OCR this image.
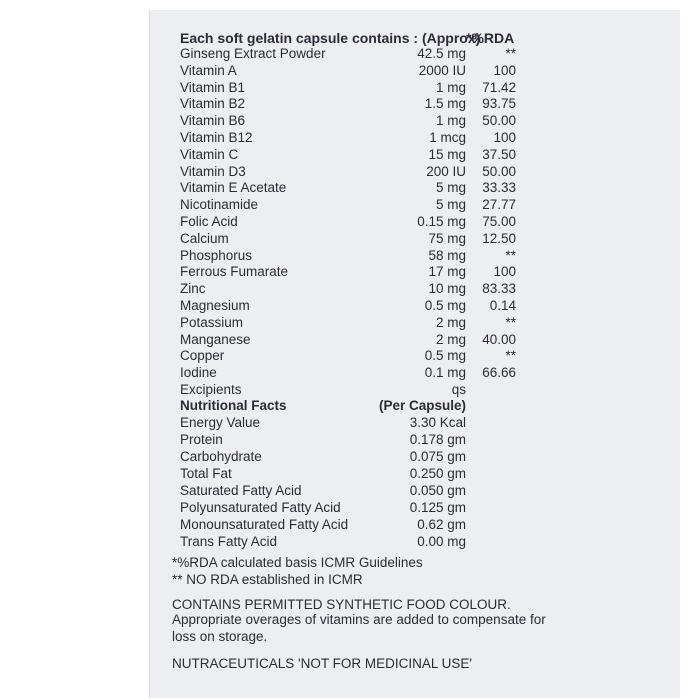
Each soft gelatin capsule contains : (Approx)
*%RDA
Ginseng Extract Powder	42.5 mg	**
Vitamin A	2000 IU 100
Vitamin B1	1 mg 71.42
Vitamin B2	1.5 mg 93.75
Vitamin B6	1 mg 50.00
Vitamin B12	1 mcg 100
Vitamin C	15 mg 37.50
Vitamin D3	200 IU 50.00
Vitamin E Acetate	5 mg 33.33
Nicotinamide	5 mg 27.77
Folic Acid	0.15 mg 75.00
Calcium	75 mg 12.50
Phosphorus	58 mg	**
Ferrous Fumarate	17 mg 100
Zinc	10 mg 83.33
Magnesium	0.5 mg 0.14
Potassium	2 mg	**
Manganese	2 mg 40.00
Copper	0.5 mg	**
Iodine	0.1 mg 66.66
Excipients	qs
Nutritional Facts	(Per Capsule)
Energy Value	3.30 Kcal
Protein	0.178 gm
Carbohydrate	0.075 gm
Total Fat	0.250 gm
Saturated Fatty Acid	0.050 gm
Polyunsaturated Fatty Acid	0.125 gm
Monounsaturated Fatty Acid	0.62 gm
Trans Fatty Acid	0.00 mg
*%RDA calculated basis ICMR Guidelines
** NO RDA established in ICMR
CONTAINS PERMITTED SYNTHETIC FOOD COLOUR.
Appropriate overages of vitamins are added to compensate for loss on storage.
NUTRACEUTICALS 'NOT FOR MEDICINAL USE'
